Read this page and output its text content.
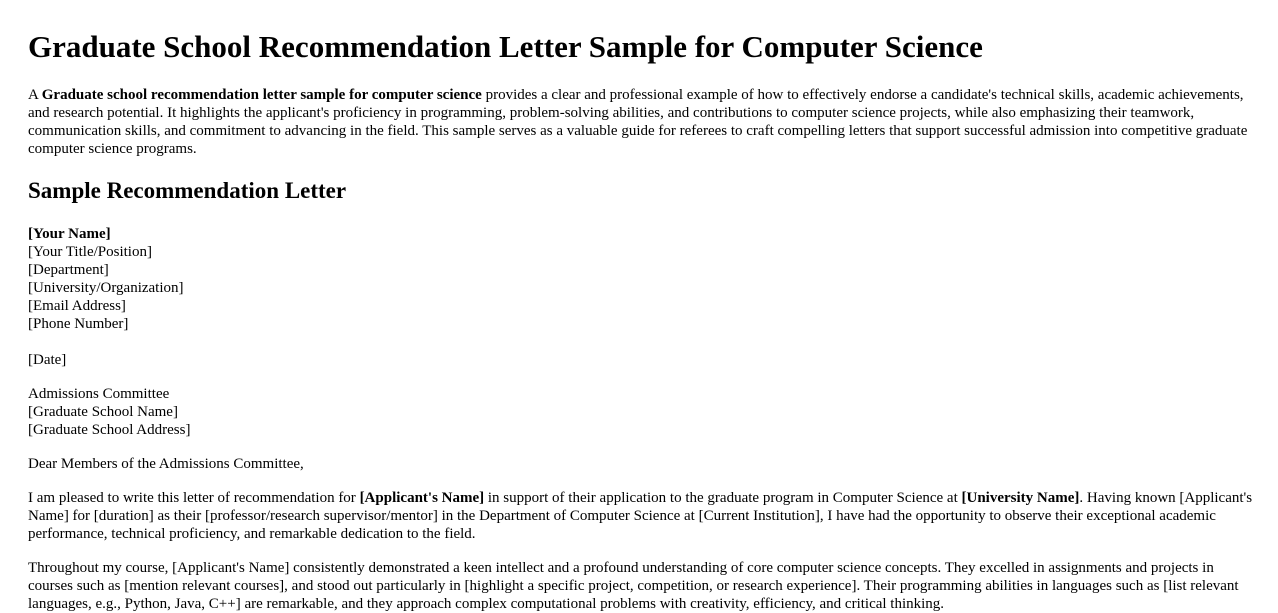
Graduate School Recommendation Letter Sample for Computer Science

A Graduate school recommendation letter sample for computer science provides a clear and professional example of how to effectively endorse a candidate's technical skills, academic achievements, and research potential. It highlights the applicant's proficiency in programming, problem-solving abilities, and contributions to computer science projects, while also emphasizing their teamwork, communication skills, and commitment to advancing in the field. This sample serves as a valuable guide for referees to craft compelling letters that support successful admission into competitive graduate computer science programs.

Sample Recommendation Letter
[Your Name]
[Your Title/Position]
[Department]
[University/Organization]
[Email Address]
[Phone Number]
[Date]
Admissions Committee
[Graduate School Name]
[Graduate School Address]
Dear Members of the Admissions Committee,

I am pleased to write this letter of recommendation for [Applicant's Name] in support of their application to the graduate program in Computer Science at [University Name]. Having known [Applicant's Name] for [duration] as their [professor/research supervisor/mentor] in the Department of Computer Science at [Current Institution], I have had the opportunity to observe their exceptional academic performance, technical proficiency, and remarkable dedication to the field.

Throughout my course, [Applicant's Name] consistently demonstrated a keen intellect and a profound understanding of core computer science concepts. They excelled in assignments and projects in courses such as [mention relevant courses], and stood out particularly in [highlight a specific project, competition, or research experience]. Their programming abilities in languages such as [list relevant languages, e.g., Python, Java, C++] are remarkable, and they approach complex computational problems with creativity, efficiency, and critical thinking.
